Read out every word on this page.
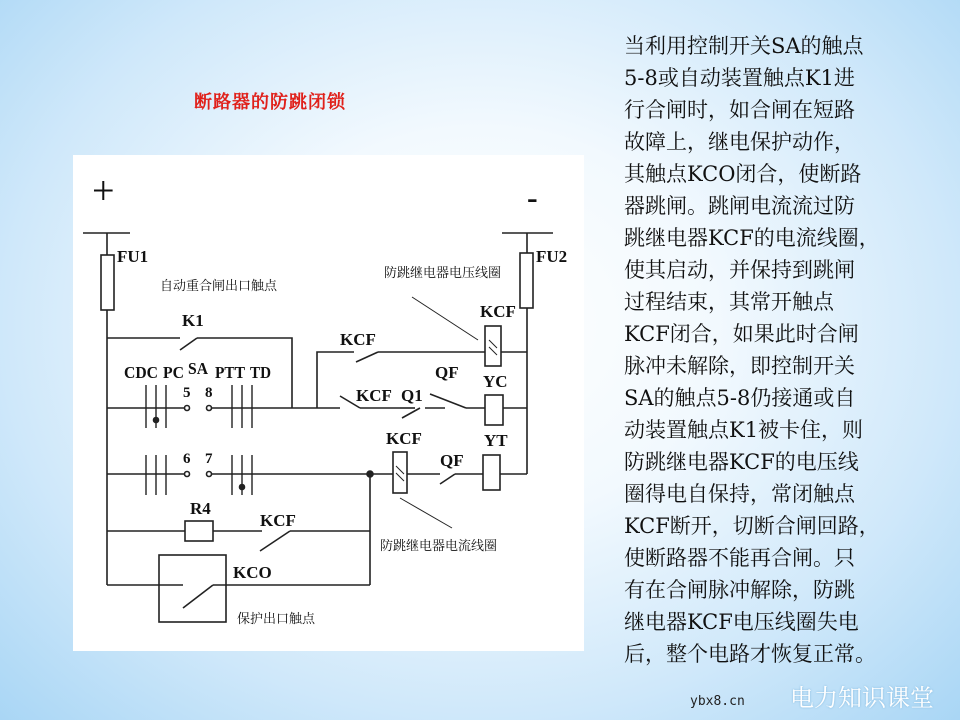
断路器的防跳闭锁
+	-
FU1	FU2
自动重合闸出口触点
防跳继电器电压线圈
K1
KCF
KCF
CDC PC SA PTT TD
5 8	KCF Q1
QF YC
6 7
KCF
QF
YT
防跳继电器电流线圈
R4
KCF
KCO
保护出口触点
当利用控制开关SA的触点
5-8或自动装置触点K1进
行合闸时，如合闸在短路
故障上，继电保护动作，
其触点KCO闭合，使断路
器跳闸。跳闸电流流过防
跳继电器KCF的电流线圈，
使其启动，并保持到跳闸
过程结束，其常开触点
KCF闭合，如果此时合闸
脉冲未解除，即控制开关
SA的触点5-8仍接通或自
动装置触点K1被卡住，则
防跳继电器KCF的电压线
圈得电自保持，常闭触点
KCF断开，切断合闸回路，
使断路器不能再合闸。只
有在合闸脉冲解除，防跳
继电器KCF电压线圈失电
后，整个电路才恢复正常。
电力知识课堂
ybx8.cn
